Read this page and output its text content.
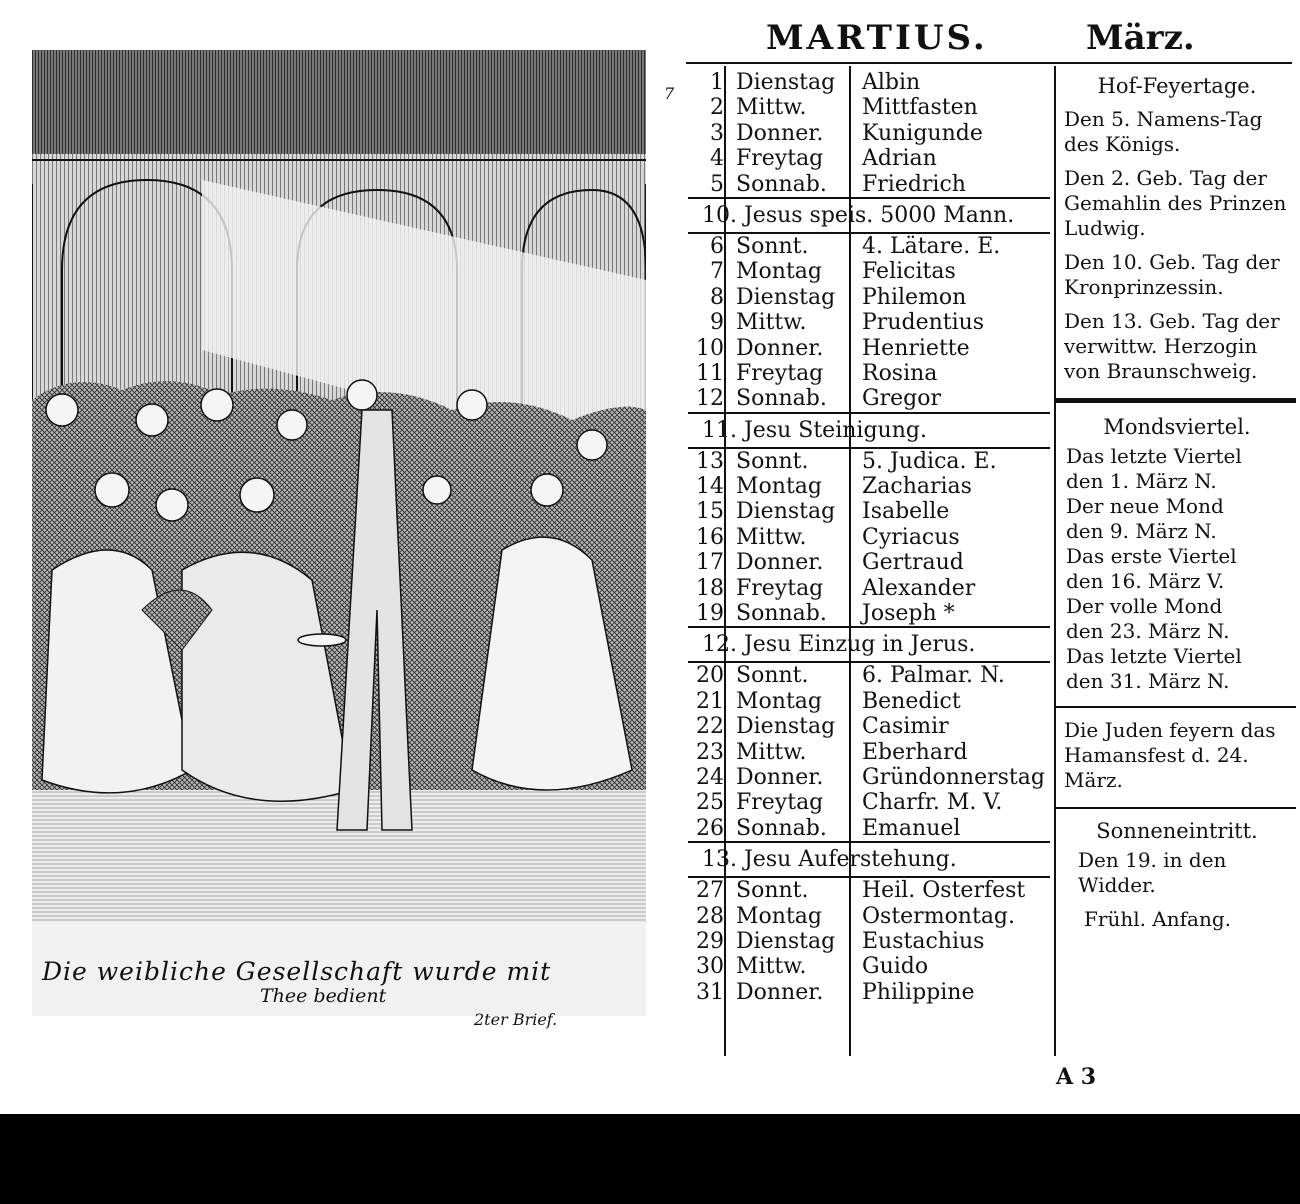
7
Die weibliche Gesellschaft wurde mit
Thee bedient
2ter Brief.
MARTIUS.	März.
1 Dienstag Albin
2 Mittw.	Mittfasten
3 Donner. Kunigunde
4 Freytag Adrian
5 Sonnab. Friedrich
10. Jesus speis. 5000 Mann.
6 Sonnt. 4. Lätare. E.
7 Montag Felicitas
8 Dienstag Philemon
9 Mittw.	Prudentius
10 Donner. Henriette
11 Freytag Rosina
12 Sonnab. Gregor
11. Jesu Steinigung.
13 Sonnt. 5. Judica. E.
14 Montag Zacharias
15 Dienstag Isabelle
16 Mittw.	Cyriacus
17 Donner. Gertraud
18 Freytag Alexander
19 Sonnab. Joseph *
12. Jesu Einzug in Jerus.
20 Sonnt. 6. Palmar. N.
21 Montag Benedict
22 Dienstag Casimir
23 Mittw.	Eberhard
24 Donner. Gründonnerstag
25 Freytag Charfr. M. V.
26 Sonnab. Emanuel
13. Jesu Auferstehung.
27 Sonnt. Heil. Osterfest
28 Montag Ostermontag.
29 Dienstag Eustachius
30 Mittw.	Guido
31 Donner. Philippine
Hof-Feyertage.
Den 5. Namens-Tag des Königs.
Den 2. Geb. Tag der Gemahlin des Prinzen Ludwig.
Den 10. Geb. Tag der Kronprinzessin.
Den 13. Geb. Tag der verwittw. Herzogin von Braunschweig.
Mondsviertel.
Das letzte Viertel
den 1. März N.
Der neue Mond
den 9. März N.
Das erste Viertel
den 16. März V.
Der volle Mond
den 23. März N.
Das letzte Viertel
den 31. März N.
Die Juden feyern das Hamansfest d. 24. März.
Sonneneintritt.
Den 19. in den Widder.
Frühl. Anfang.
A 3
